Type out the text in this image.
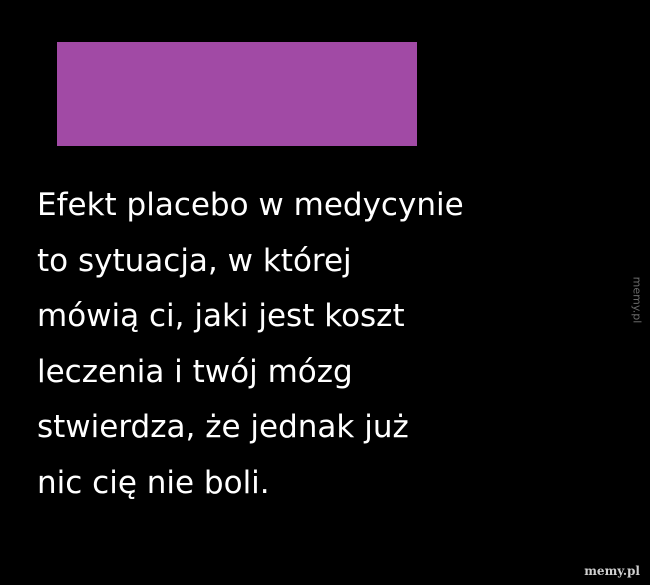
Efekt placebo w medycynie
to sytuacja, w której
mówią ci, jaki jest koszt
leczenia i twój mózg
stwierdza, że jednak już
nic cię nie boli.

memy.pl
memy.pl
